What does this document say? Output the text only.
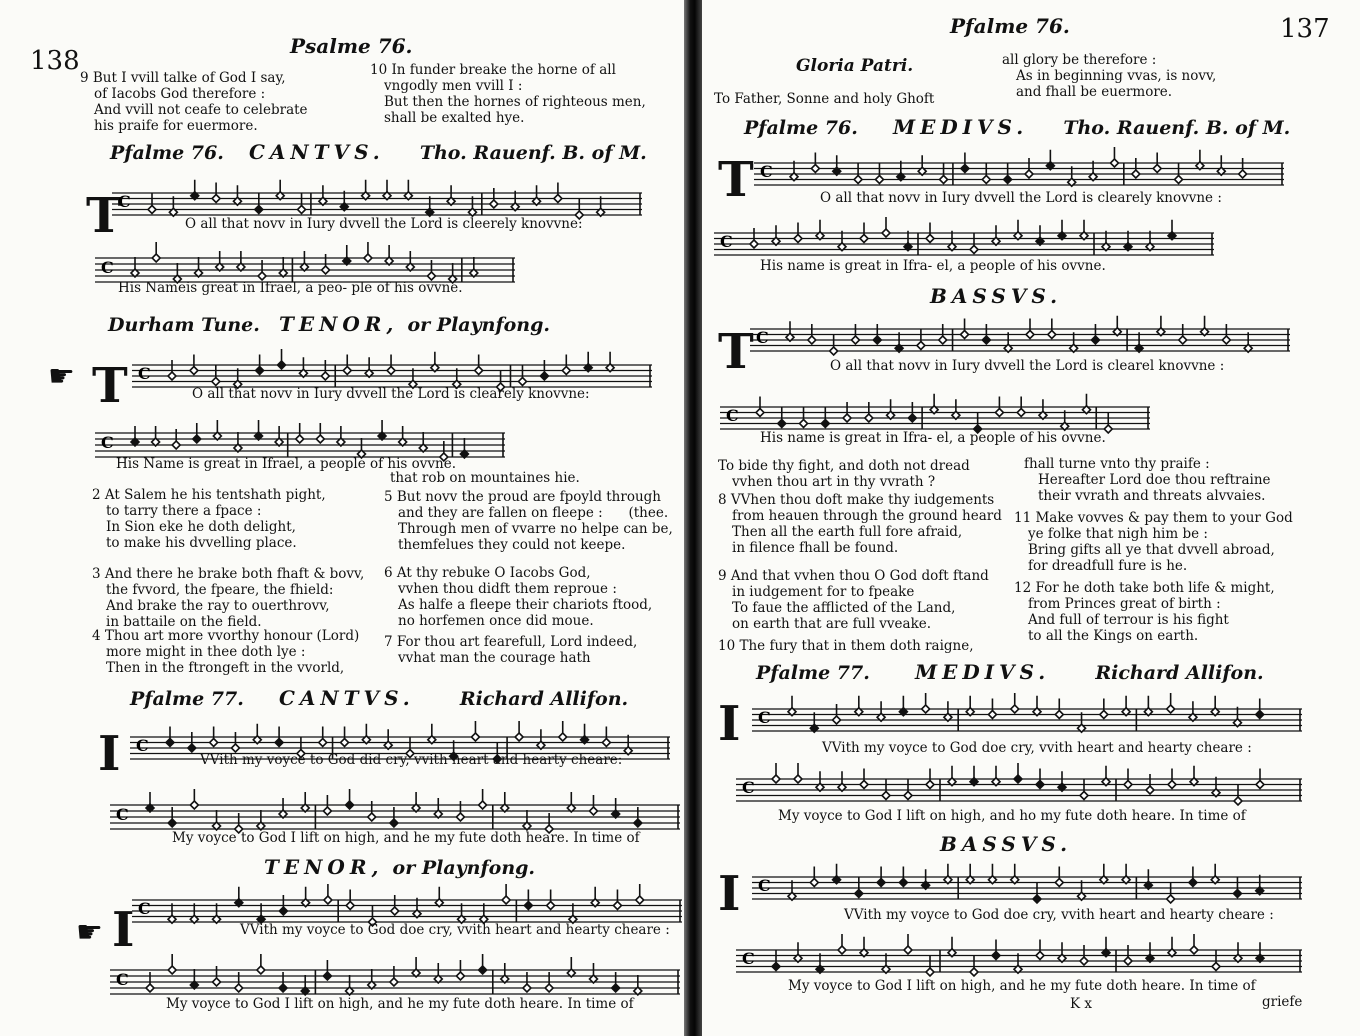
138	Psalme 76.
9 But I vvill talke of God I say,
of Iacobs God therefore :
And vvill not ceafe to celebrate
his praife for euermore.
10 In funder breake the horne of all
vngodly men vvill I :
But then the hornes of righteous men,
shall be exalted hye.
Pfalme 76. CANTVS. Tho. Rauenf. B. of M.
T
C
O all that novv in Iury dvvell the Lord is cleerely knovvne:
C
His Nameis great in Ifrael, a peo- ple of his ovvne.
Durham Tune. TENOR, or Playnfong.
☛ T C
O all that novv in Iury dvvell the Lord is clearely knovvne:
C
His Name is great in Ifrael, a people of his ovvne.
2 At Salem he his tentshath pight,
to tarry there a fpace :
In Sion eke he doth delight,
to make his dvvelling place.
3 And there he brake both fhaft & bovv,
the fvvord, the fpeare, the fhield:
And brake the ray to ouerthrovv,
in battaile on the field.
4 Thou art more vvorthy honour (Lord)
more might in thee doth lye :
Then in the ftrongeft in the vvorld,
that rob on mountaines hie.
5 But novv the proud are fpoyld through
and they are fallen on fleepe :      (thee.
Through men of vvarre no helpe can be,
themfelues they could not keepe.
6 At thy rebuke O Iacobs God,
vvhen thou didft them reproue :
As halfe a fleepe their chariots ftood,
no horfemen once did moue.
7 For thou art fearefull, Lord indeed,
vvhat man the courage hath
Pfalme 77. CANTVS. Richard Allifon.
I C
VVith my voyce to God did cry, vvith heart and hearty cheare:
C
My voyce to God I lift on high, and he my fute doth heare. In time of
TENOR, or Playnfong.
☛ I C
VVith my voyce to God doe cry, vvith heart and hearty cheare :
C
My voyce to God I lift on high, and he my fute doth heare. In time of
Pfalme 76.	137
Gloria Patri.
To Father, Sonne and holy Ghoft
all glory be therefore :
As in beginning vvas, is novv,
and fhall be euermore.
Pfalme 76. MEDIVS. Tho. Rauenf. B. of M.
T C
O all that novv in Iury dvvell the Lord is clearely knovvne :
C
His name is great in Ifra- el, a people of his ovvne.
BASSVS.
T C
O all that novv in Iury dvvell the Lord is clearel knovvne :
C
His name is great in Ifra- el, a people of his ovvne.
To bide thy fight, and doth not dread
vvhen thou art in thy vvrath ?
8 VVhen thou doft make thy iudgements
from heauen through the ground heard
Then all the earth full fore afraid,
in filence fhall be found.
9 And that vvhen thou O God doft ftand
in iudgement for to fpeake
To faue the afflicted of the Land,
on earth that are full vveake.
10 The fury that in them doth raigne,
fhall turne vnto thy praife :
Hereafter Lord doe thou reftraine
their vvrath and threats alvvaies.
11 Make vovves & pay them to your God
ye folke that nigh him be :
Bring gifts all ye that dvvell abroad,
for dreadfull fure is he.
12 For he doth take both life & might,
from Princes great of birth :
And full of terrour is his fight
to all the Kings on earth.
Pfalme 77. MEDIVS. Richard Allifon.
I C
VVith my voyce to God doe cry, vvith heart and hearty cheare :
C
My voyce to God I lift on high, and ho my fute doth heare. In time of
BASSVS.
I C
VVith my voyce to God doe cry, vvith heart and hearty cheare :
C
My voyce to God I lift on high, and he my fute doth heare. In time of
K x	griefe
